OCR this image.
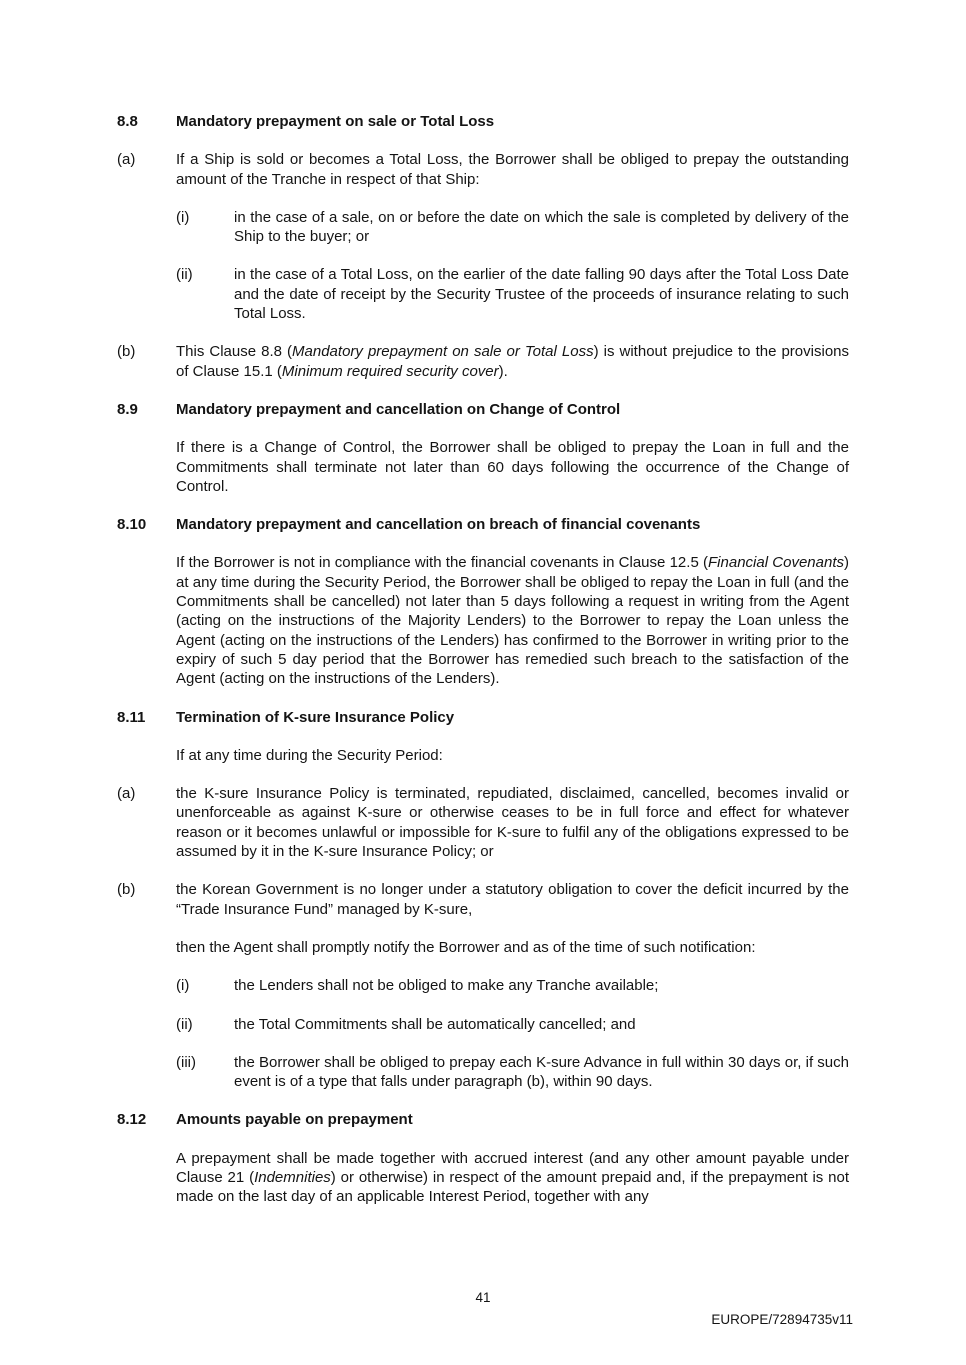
8.8	Mandatory prepayment on sale or Total Loss
(a)	If a Ship is sold or becomes a Total Loss, the Borrower shall be obliged to prepay the outstanding amount of the Tranche in respect of that Ship:
(i)	in the case of a sale, on or before the date on which the sale is completed by delivery of the Ship to the buyer; or
(ii)	in the case of a Total Loss, on the earlier of the date falling 90 days after the Total Loss Date and the date of receipt by the Security Trustee of the proceeds of insurance relating to such Total Loss.
(b)	This Clause 8.8 (Mandatory prepayment on sale or Total Loss) is without prejudice to the provisions of Clause 15.1 (Minimum required security cover).
8.9	Mandatory prepayment and cancellation on Change of Control
If there is a Change of Control, the Borrower shall be obliged to prepay the Loan in full and the Commitments shall terminate not later than 60 days following the occurrence of the Change of Control.
8.10	Mandatory prepayment and cancellation on breach of financial covenants
If the Borrower is not in compliance with the financial covenants in Clause 12.5 (Financial Covenants) at any time during the Security Period, the Borrower shall be obliged to repay the Loan in full (and the Commitments shall be cancelled) not later than 5 days following a request in writing from the Agent (acting on the instructions of the Majority Lenders) to the Borrower to repay the Loan unless the Agent (acting on the instructions of the Lenders) has confirmed to the Borrower in writing prior to the expiry of such 5 day period that the Borrower has remedied such breach to the satisfaction of the Agent (acting on the instructions of the Lenders).
8.11	Termination of K-sure Insurance Policy
If at any time during the Security Period:
(a)	the K-sure Insurance Policy is terminated, repudiated, disclaimed, cancelled, becomes invalid or unenforceable as against K-sure or otherwise ceases to be in full force and effect for whatever reason or it becomes unlawful or impossible for K-sure to fulfil any of the obligations expressed to be assumed by it in the K-sure Insurance Policy; or
(b)	the Korean Government is no longer under a statutory obligation to cover the deficit incurred by the “Trade Insurance Fund” managed by K-sure,
then the Agent shall promptly notify the Borrower and as of the time of such notification:
(i)	the Lenders shall not be obliged to make any Tranche available;
(ii)	the Total Commitments shall be automatically cancelled; and
(iii)	the Borrower shall be obliged to prepay each K-sure Advance in full within 30 days or, if such event is of a type that falls under paragraph (b), within 90 days.
8.12	Amounts payable on prepayment
A prepayment shall be made together with accrued interest (and any other amount payable under Clause 21 (Indemnities) or otherwise) in respect of the amount prepaid and, if the prepayment is not made on the last day of an applicable Interest Period, together with any
41
EUROPE/72894735v11
